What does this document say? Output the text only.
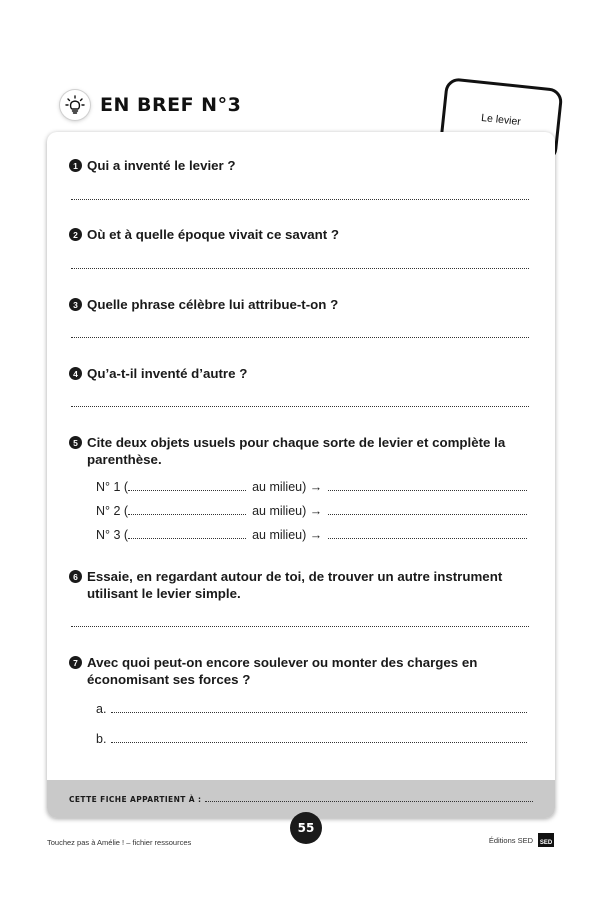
EN BREF N°3
Le levier
1 Qui a inventé le levier ?
2 Où et à quelle époque vivait ce savant ?
3 Quelle phrase célèbre lui attribue-t-on ?
4 Qu’a-t-il inventé d’autre ?
5 Cite deux objets usuels pour chaque sorte de levier et complète la parenthèse.
N° 1 (	au milieu) →
N° 2 (	au milieu) →
N° 3 (	au milieu) →
6 Essaie, en regardant autour de toi, de trouver un autre instrument utilisant le levier simple.
7 Avec quoi peut-on encore soulever ou monter des charges en économisant ses forces ?
a.
b.
CETTE FICHE APPARTIENT À :
55
Touchez pas à Amélie ! – fichier ressources	Éditions SED	SED
